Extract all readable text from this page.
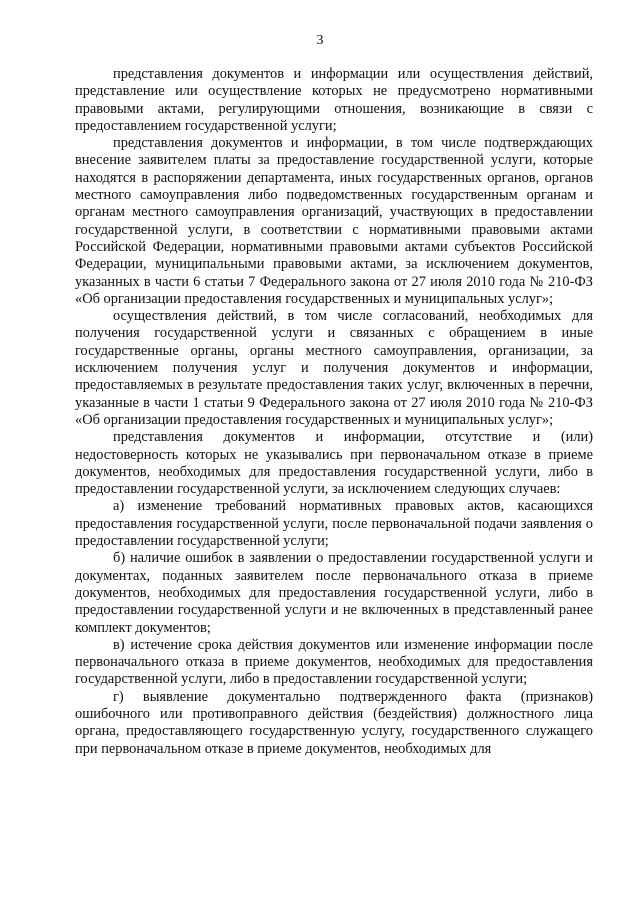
3

представления документов и информации или осуществления действий, представление или осуществление которых не предусмотрено нормативными правовыми актами, регулирующими отношения, возникающие в связи с предоставлением государственной услуги;

представления документов и информации, в том числе подтверждающих внесение заявителем платы за предоставление государственной услуги, которые находятся в распоряжении департамента, иных государственных органов, органов местного самоуправления либо подведомственных государственным органам и органам местного самоуправления организаций, участвующих в предоставлении государственной услуги, в соответствии с нормативными правовыми актами Российской Федерации, нормативными правовыми актами субъектов Российской Федерации, муниципальными правовыми актами, за исключением документов, указанных в части 6 статьи 7 Федерального закона от 27 июля 2010 года № 210-ФЗ «Об организации предоставления государственных и муниципальных услуг»;

осуществления действий, в том числе согласований, необходимых для получения государственной услуги и связанных с обращением в иные государственные органы, органы местного самоуправления, организации, за исключением получения услуг и получения документов и информации, предоставляемых в результате предоставления таких услуг, включенных в перечни, указанные в части 1 статьи 9 Федерального закона от 27 июля 2010 года № 210-ФЗ «Об организации предоставления государственных и муниципальных услуг»;

представления документов и информации, отсутствие и (или) недостоверность которых не указывались при первоначальном отказе в приеме документов, необходимых для предоставления государственной услуги, либо в предоставлении государственной услуги, за исключением следующих случаев:

а) изменение требований нормативных правовых актов, касающихся предоставления государственной услуги, после первоначальной подачи заявления о предоставлении государственной услуги;

б) наличие ошибок в заявлении о предоставлении государственной услуги и документах, поданных заявителем после первоначального отказа в приеме документов, необходимых для предоставления государственной услуги, либо в предоставлении государственной услуги и не включенных в представленный ранее комплект документов;

в) истечение срока действия документов или изменение информации после первоначального отказа в приеме документов, необходимых для предоставления государственной услуги, либо в предоставлении государственной услуги;

г) выявление документально подтвержденного факта (признаков) ошибочного или противоправного действия (бездействия) должностного лица органа, предоставляющего государственную услугу, государственного служащего при первоначальном отказе в приеме документов, необходимых для
